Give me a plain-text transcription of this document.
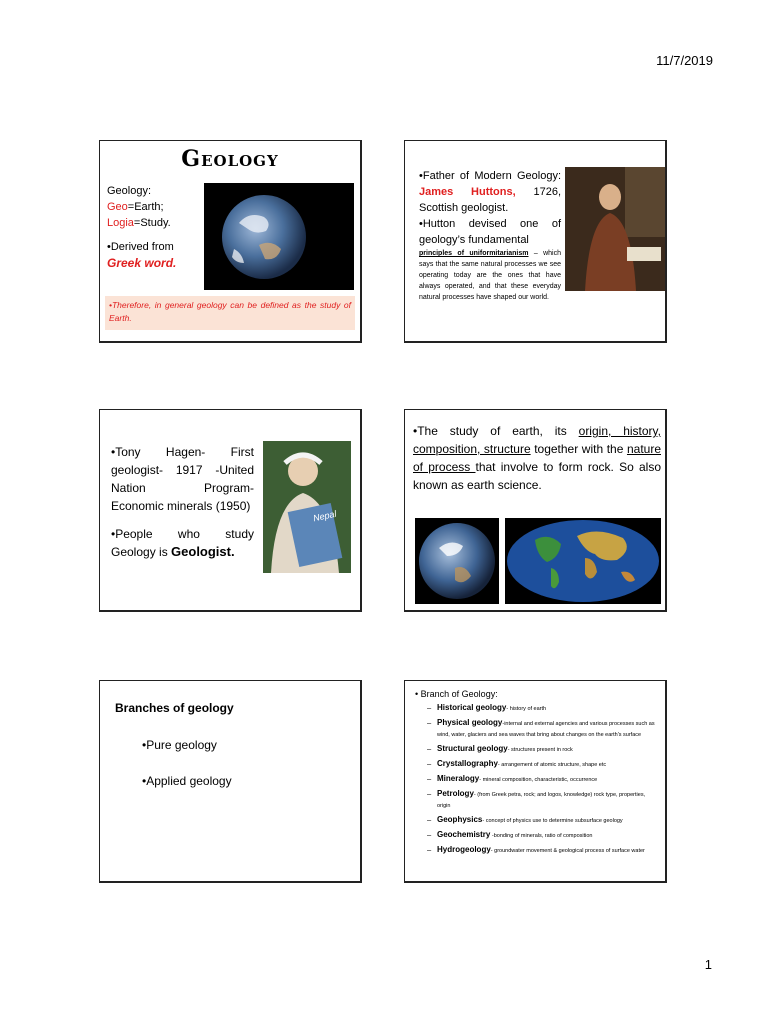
11/7/2019
Geology
Geology:
Geo=Earth;
Logia=Study.
•Derived from
Greek word.
•Therefore, in general geology can be defined as the study of Earth.
•Father of Modern Geology: James Huttons, 1726, Scottish geologist.
•Hutton devised one of geology’s fundamental
principles of uniformitarianism – which says that the same natural processes we see operating today are the ones that have always operated, and that these everyday natural processes have shaped our world.
•Tony Hagen- First geologist- 1917 -United Nation Program- Economic minerals (1950)
•People who study Geology is Geologist.
Nepal
•The study of earth, its origin, history, composition, structure together with the nature of process that involve to form rock. So also known as earth science.
Branches of geology
•Pure geology
•Applied geology
• Branch of Geology:
– Historical geology- history of earth
– Physical geology-internal and external agencies and various processes such as wind, water, glaciers and sea waves that bring about changes on the earth's surface
– Structural geology- structures present in rock
– Crystallography- arrangement of atomic structure, shape etc
– Mineralogy- mineral composition, characteristic, occurrence
– Petrology- (from Greek petra, rock; and logos, knowledge) rock type, properties, origin
– Geophysics- concept of physics use to determine subsurface geology
– Geochemistry -bonding of minerals, ratio of composition
– Hydrogeology- groundwater movement & geological process of surface water
1
